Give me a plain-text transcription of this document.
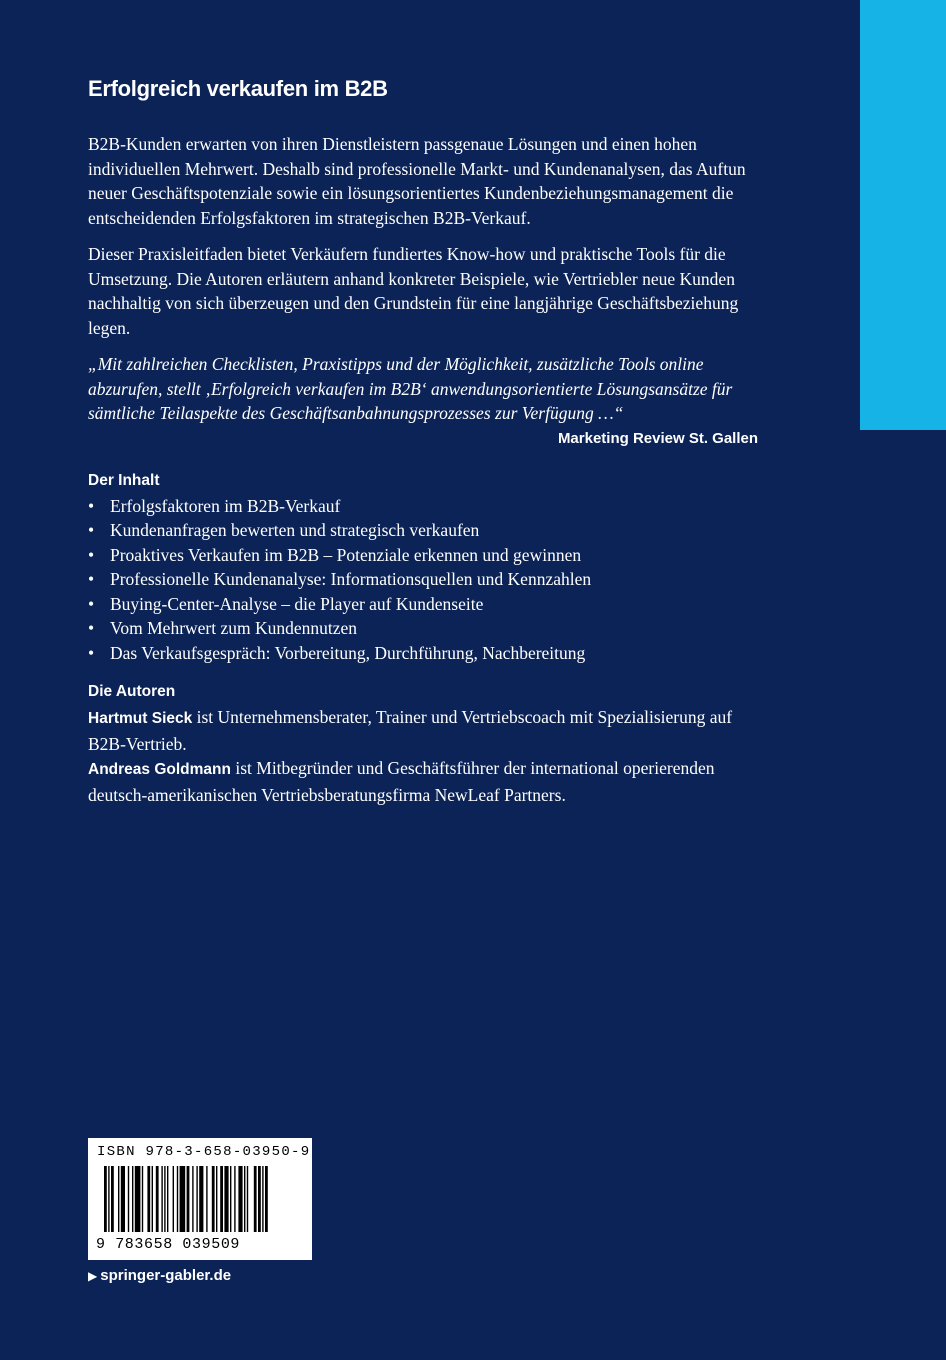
Erfolgreich verkaufen im B2B

B2B-Kunden erwarten von ihren Dienstleistern passgenaue Lösungen und einen hohen individuellen Mehrwert. Deshalb sind professionelle Markt- und Kundenanalysen, das Auftun neuer Geschäftspotenziale sowie ein lösungsorientiertes Kundenbeziehungsmanagement die entscheidenden Erfolgsfaktoren im strategischen B2B-Verkauf.

Dieser Praxisleitfaden bietet Verkäufern fundiertes Know-how und praktische Tools für die Umsetzung. Die Autoren erläutern anhand konkreter Beispiele, wie Vertriebler neue Kunden nachhaltig von sich überzeugen und den Grundstein für eine langjährige Geschäftsbeziehung legen.

„Mit zahlreichen Checklisten, Praxistipps und der Möglichkeit, zusätzliche Tools online abzurufen, stellt ‚Erfolgreich verkaufen im B2B‘ anwendungsorientierte Lösungsansätze für sämtliche Teilaspekte des Geschäftsanbahnungsprozesses zur Verfügung …“

Marketing Review St. Gallen

Der Inhalt
• Erfolgsfaktoren im B2B-Verkauf
• Kundenanfragen bewerten und strategisch verkaufen
• Proaktives Verkaufen im B2B – Potenziale erkennen und gewinnen
• Professionelle Kundenanalyse: Informationsquellen und Kennzahlen
• Buying-Center-Analyse – die Player auf Kundenseite
• Vom Mehrwert zum Kundennutzen
• Das Verkaufsgespräch: Vorbereitung, Durchführung, Nachbereitung
Die Autoren

Hartmut Sieck ist Unternehmensberater, Trainer und Vertriebscoach mit Spezialisierung auf B2B-Vertrieb.

Andreas Goldmann ist Mitbegründer und Geschäftsführer der international operierenden deutsch-amerikanischen Vertriebsberatungsfirma NewLeaf Partners.

ISBN 978-3-658-03950-9
9 783658 039509
▶ springer-gabler.de
